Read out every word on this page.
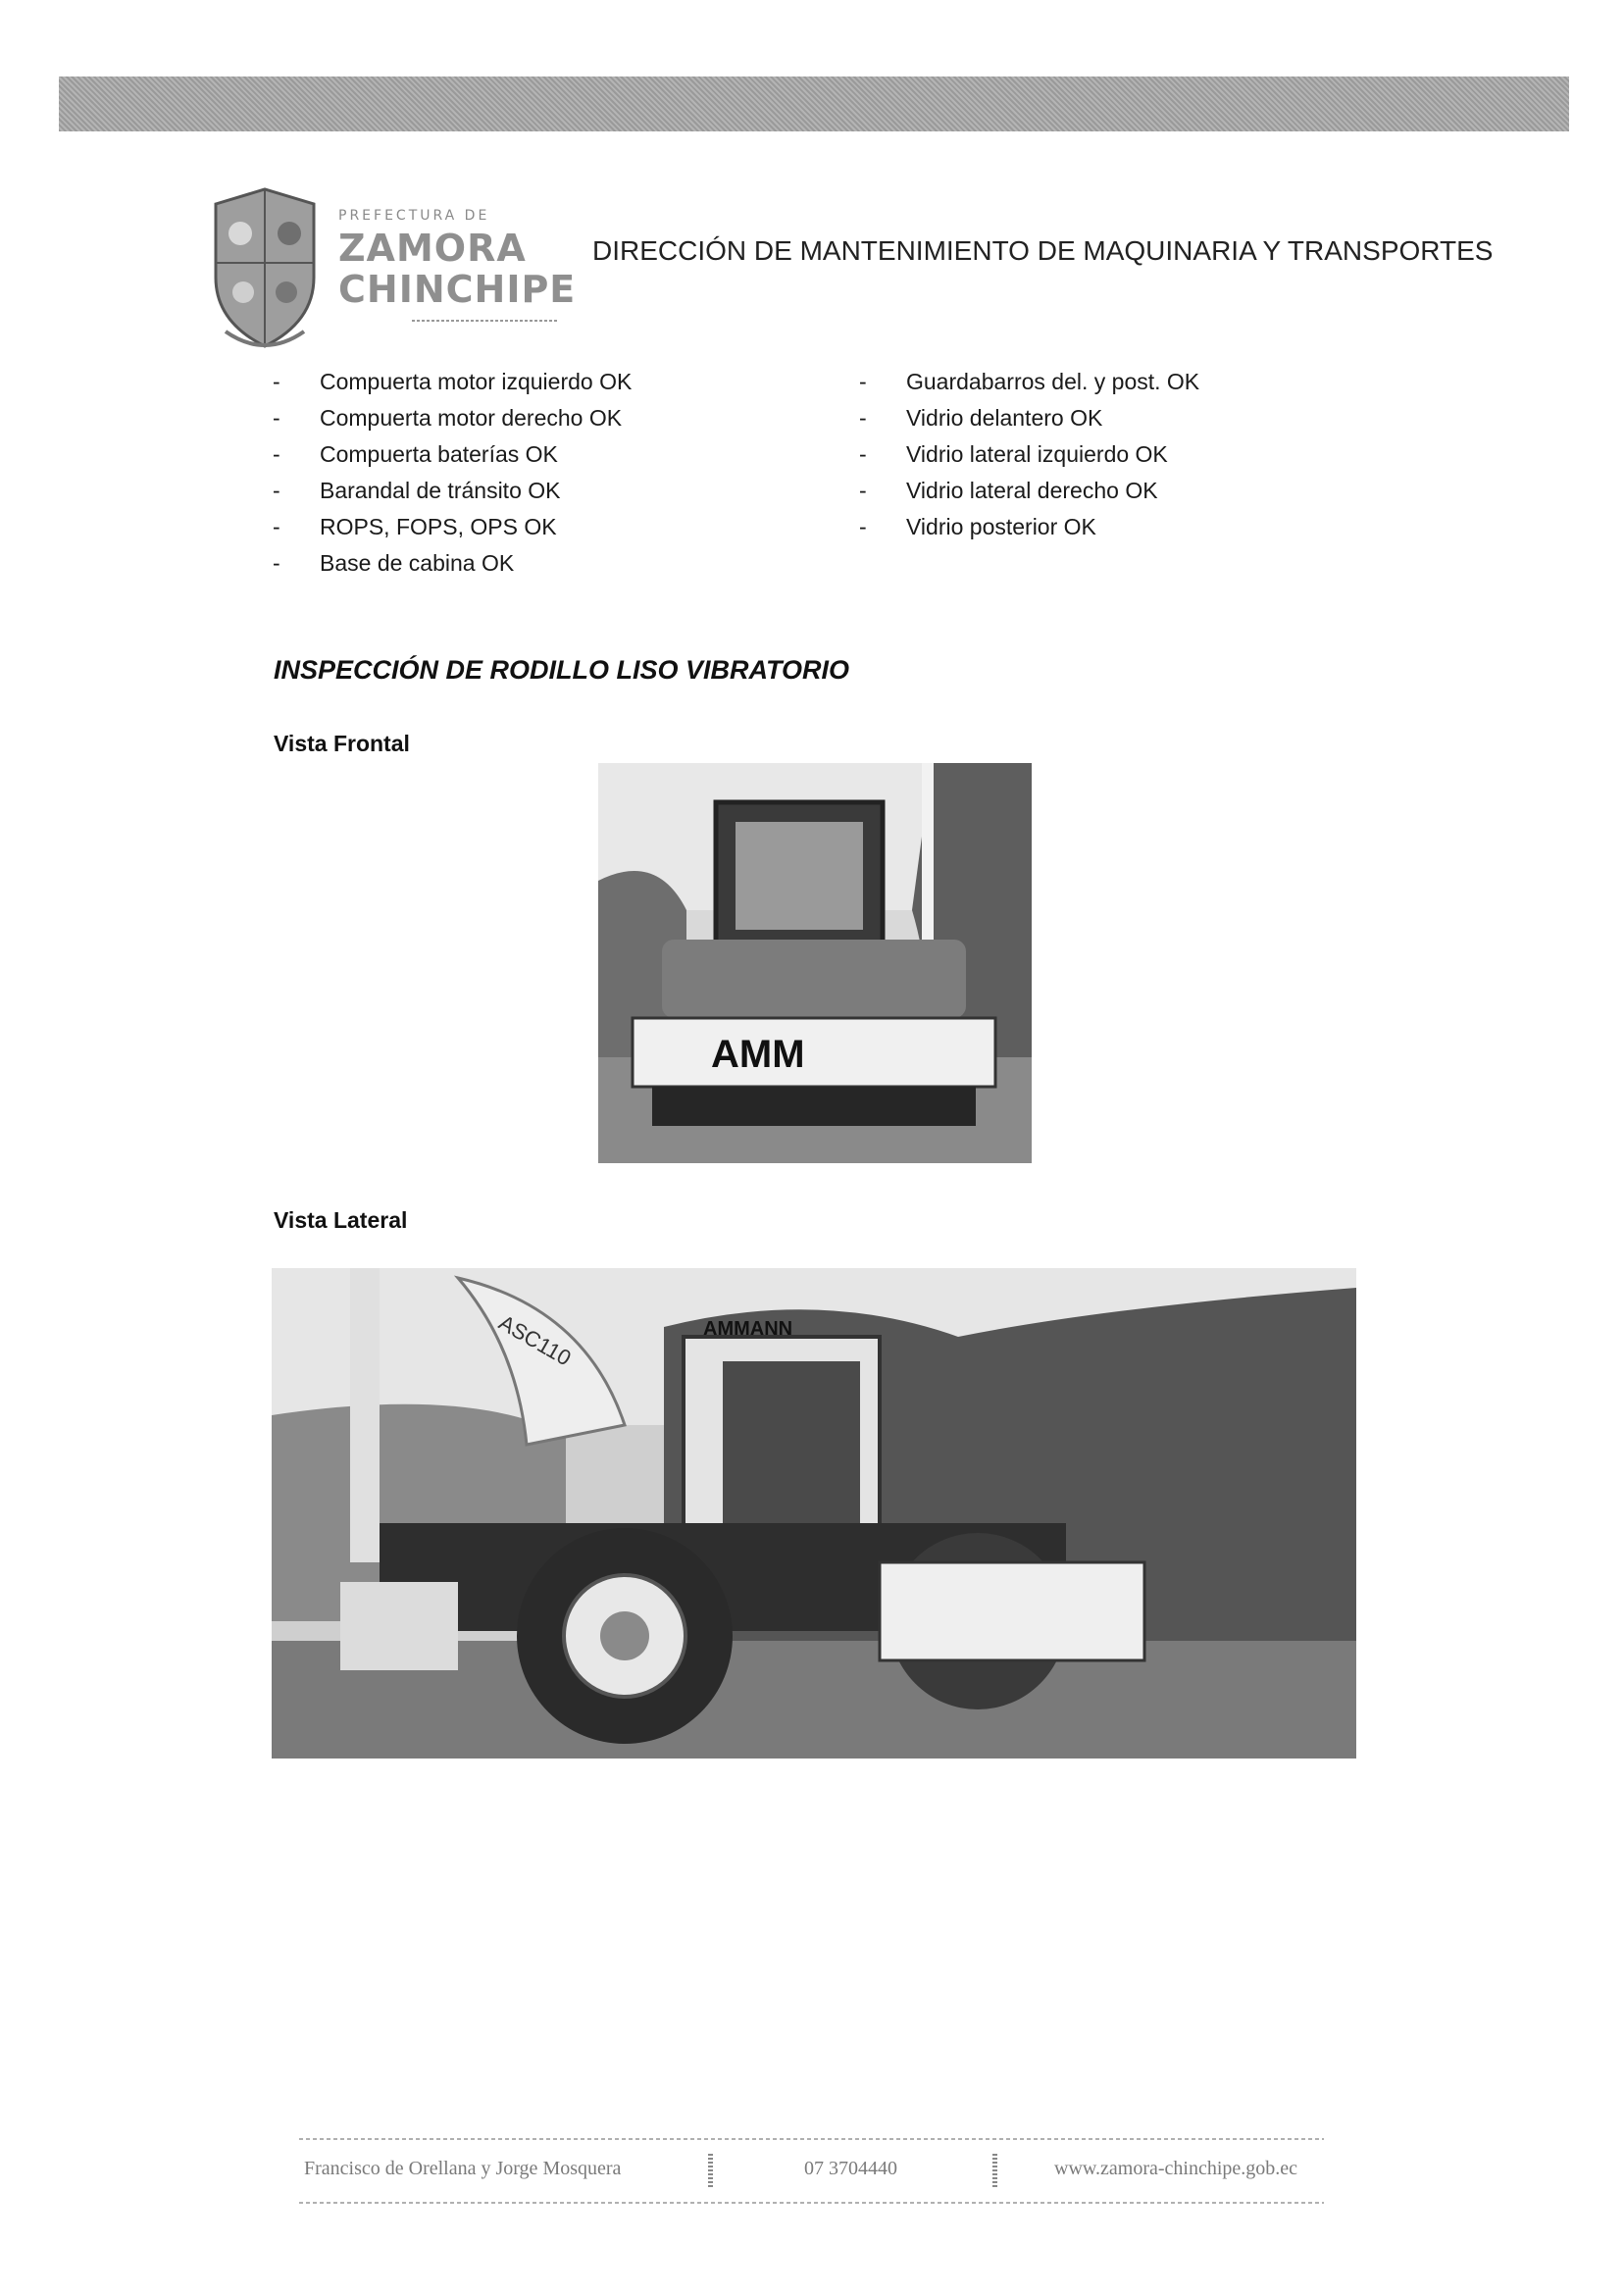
PREFECTURA DE
ZAMORA
CHINCHIPE
DIRECCIÓN DE MANTENIMIENTO DE MAQUINARIA Y TRANSPORTES
- Compuerta motor izquierdo OK
- Compuerta motor derecho OK
- Compuerta baterías OK
- Barandal de tránsito OK
- ROPS, FOPS, OPS OK
- Base de cabina OK
- Guardabarros del. y post. OK
- Vidrio delantero OK
- Vidrio lateral izquierdo OK
- Vidrio lateral derecho OK
- Vidrio posterior OK
INSPECCIÓN DE RODILLO LISO VIBRATORIO
Vista Frontal
AMM
Vista Lateral
ASC110	AMMANN
Francisco de Orellana y Jorge Mosquera	07 3704440	www.zamora-chinchipe.gob.ec
